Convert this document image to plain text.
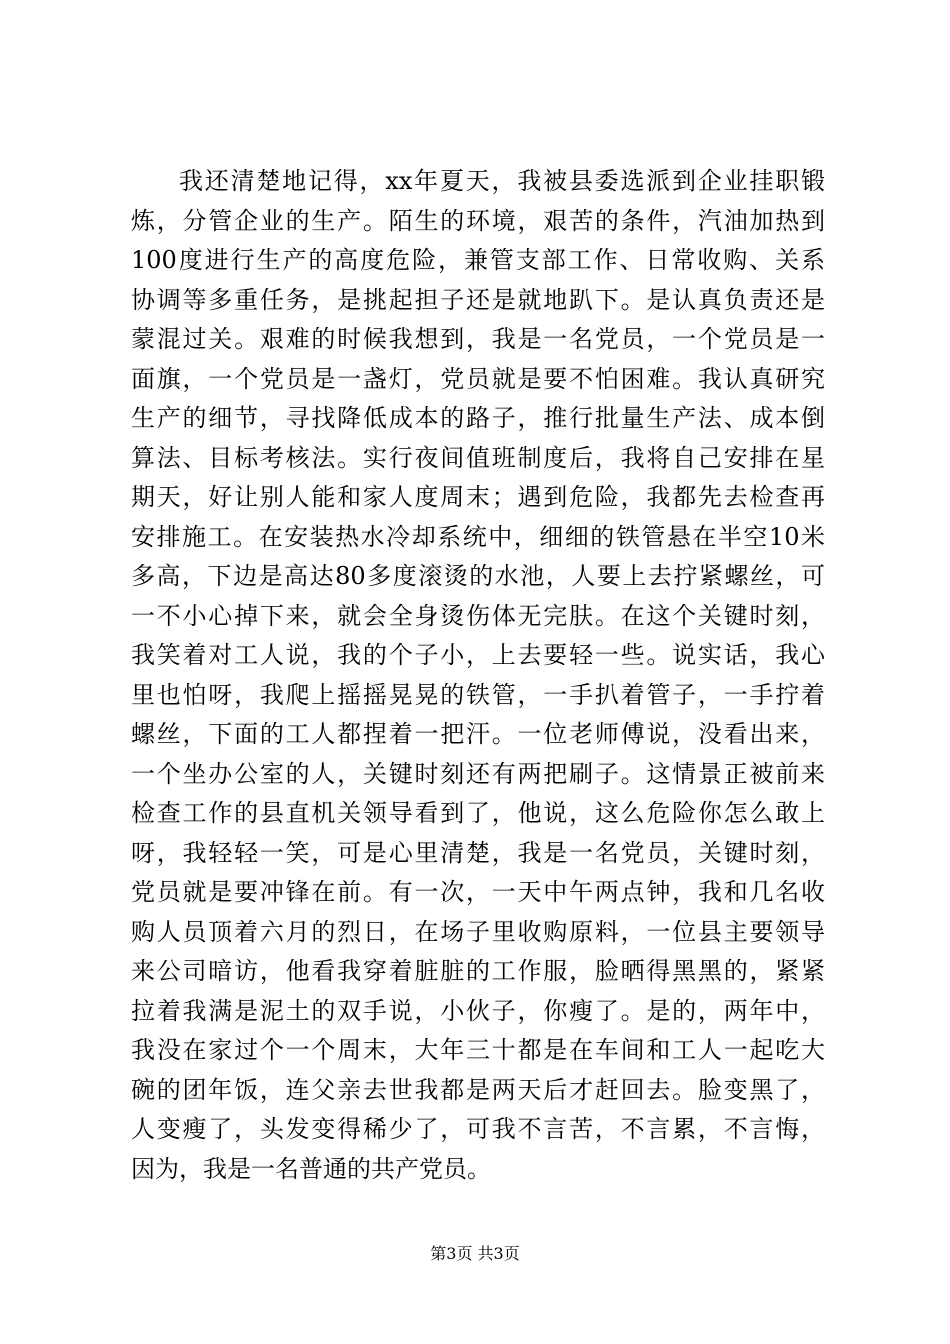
我还清楚地记得，xx年夏天，我被县委选派到企业挂职锻
炼，分管企业的生产。陌生的环境，艰苦的条件，汽油加热到
100度进行生产的高度危险，兼管支部工作、日常收购、关系
协调等多重任务，是挑起担子还是就地趴下。是认真负责还是
蒙混过关。艰难的时候我想到，我是一名党员，一个党员是一
面旗，一个党员是一盏灯，党员就是要不怕困难。我认真研究
生产的细节，寻找降低成本的路子，推行批量生产法、成本倒
算法、目标考核法。实行夜间值班制度后，我将自己安排在星
期天，好让别人能和家人度周末；遇到危险，我都先去检查再
安排施工。在安装热水冷却系统中，细细的铁管悬在半空10米
多高，下边是高达80多度滚烫的水池，人要上去拧紧螺丝，可
一不小心掉下来，就会全身烫伤体无完肤。在这个关键时刻，
我笑着对工人说，我的个子小，上去要轻一些。说实话，我心
里也怕呀，我爬上摇摇晃晃的铁管，一手扒着管子，一手拧着
螺丝，下面的工人都捏着一把汗。一位老师傅说，没看出来，
一个坐办公室的人，关键时刻还有两把刷子。这情景正被前来
检查工作的县直机关领导看到了，他说，这么危险你怎么敢上
呀，我轻轻一笑，可是心里清楚，我是一名党员，关键时刻，
党员就是要冲锋在前。有一次，一天中午两点钟，我和几名收
购人员顶着六月的烈日，在场子里收购原料，一位县主要领导
来公司暗访，他看我穿着脏脏的工作服，脸晒得黑黑的，紧紧
拉着我满是泥土的双手说，小伙子，你瘦了。是的，两年中，
我没在家过个一个周末，大年三十都是在车间和工人一起吃大
碗的团年饭，连父亲去世我都是两天后才赶回去。脸变黑了，
人变瘦了，头发变得稀少了，可我不言苦，不言累，不言悔，
因为，我是一名普通的共产党员。
第3页 共3页
